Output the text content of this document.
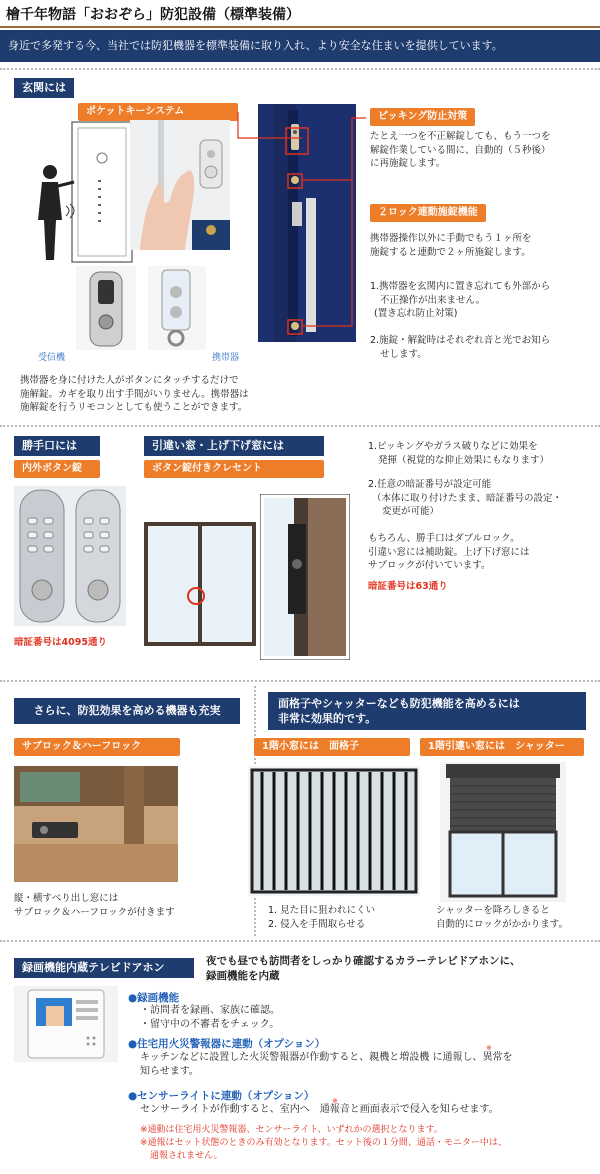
檜千年物語「おおぞら」防犯設備（標準装備）
身近で多発する今、当社では防犯機器を標準装備に取り入れ、より安全な住まいを提供しています。
玄関には
ポケットキーシステム
受信機	携帯器
携帯器を身に付けた人がボタンにタッチするだけで
施解錠。カギを取り出す手間がいりません。携帯器は
施解錠を行うリモコンとしても使うことができます。
ピッキング防止対策
たとえ一つを不正解錠しても、もう一つを
解錠作業している間に、自動的（５秒後）
に再施錠します。
２ロック連動施錠機能
携帯器操作以外に手動でもう１ヶ所を
施錠すると連動で２ヶ所施錠します。
1.携帯器を玄関内に置き忘れても外部から
不正操作が出来ません。
(置き忘れ防止対策)
2.施錠・解錠時はそれぞれ音と光でお知ら
せします。
勝手口には
内外ボタン錠
暗証番号は4095通り
引違い窓・上げ下げ窓には
ボタン錠付きクレセント
1.ピッキングやガラス破りなどに効果を
発揮（視覚的な抑止効果にもなります）
2.任意の暗証番号が設定可能
（本体に取り付けたまま、暗証番号の設定・
変更が可能）
もちろん、勝手口はダブルロック。
引違い窓には補助錠。上げ下げ窓には
サブロックが付いています。
暗証番号は63通り
さらに、防犯効果を高める機器も充実
サブロック＆ハーフロック
縦・横すべり出し窓には
サブロック＆ハーフロックが付きます
面格子やシャッターなども防犯機能を高めるには
非常に効果的です。
1階小窓には　面格子	1階引違い窓には　シャッター
1. 見た目に狙われにくい
2. 侵入を手間取らせる
シャッターを降ろしきると
自動的にロックがかかります。
録画機能内蔵テレビドアホン	夜でも昼でも訪問者をしっかり確認するカラーテレビドアホンに、
録画機能を内蔵
●録画機能
・訪問者を録画、家族に確認。
・留守中の不審者をチェック。
●住宅用火災警報器に連動（オプション）
キッチンなどに設置した火災警報器が作動すると、親機と増設機 に通報し、異常を
知らせます。
※
●センサーライトに連動（オプション）
センサーライトが作動すると、室内へ　通報音と画面表示で侵入を知らせます。
※
※通動は住宅用火災警報器、センサーライト、いずれかの選択となります。
※通報はセット状態のときのみ有効となります。セット後の１分間、通話・モニター中は、
通報されません。
